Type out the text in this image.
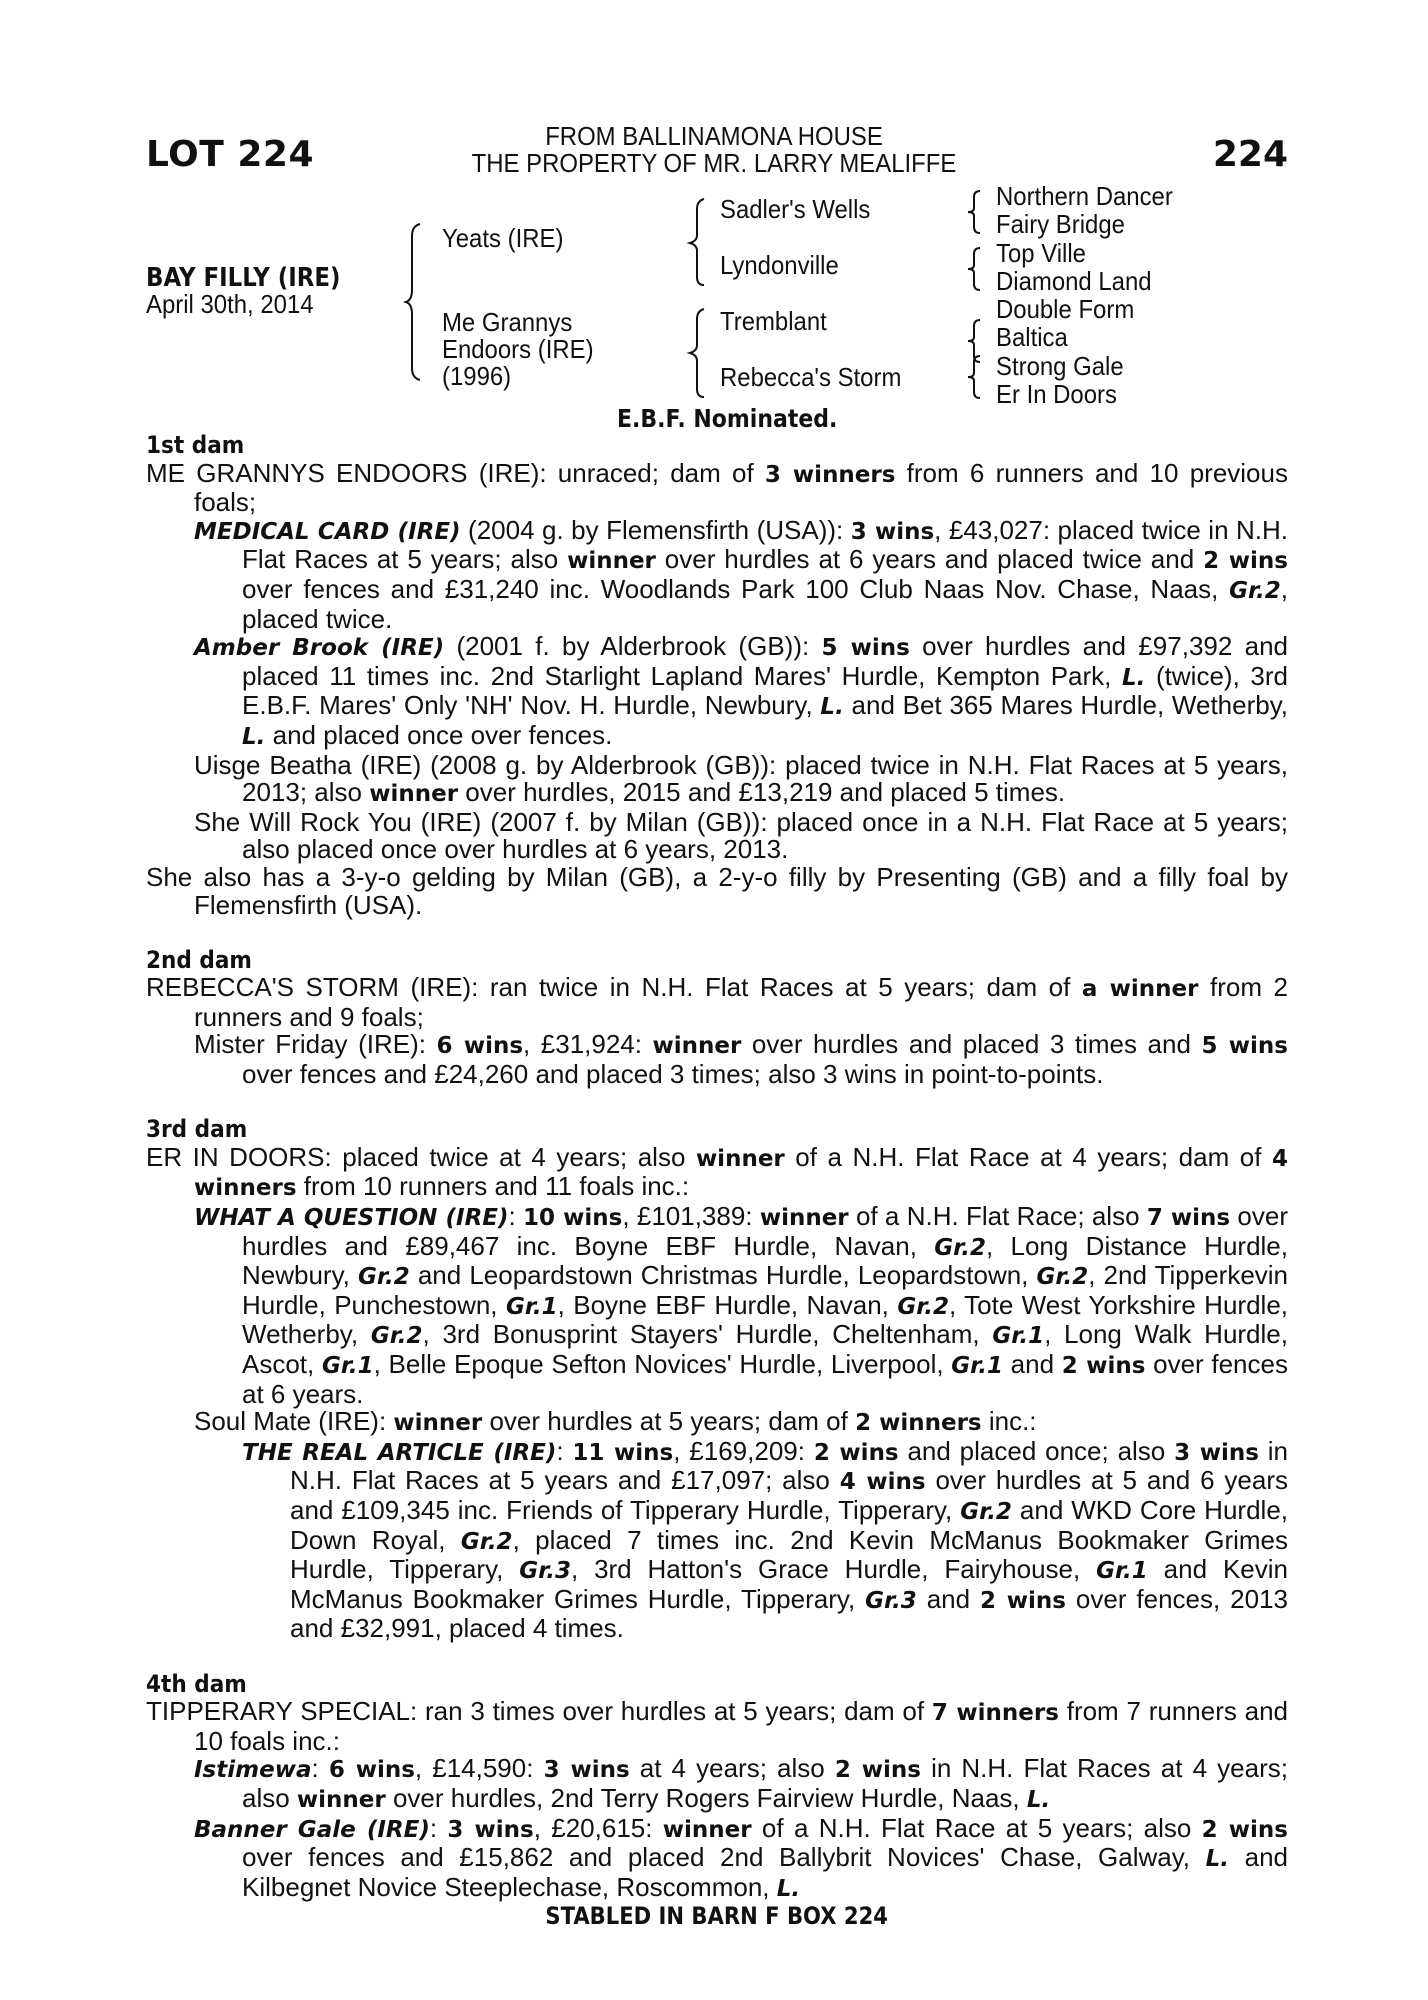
LOT 224	FROM BALLINAMONA HOUSE
THE PROPERTY OF MR. LARRY MEALIFFE	224
BAY FILLY (IRE)
April 30th, 2014
Yeats (IRE)
Me Grannys
Endoors (IRE)
(1996)
Sadler's Wells
Lyndonville
Tremblant
Rebecca's Storm
Northern Dancer
Fairy Bridge
Top Ville
Diamond Land
Double Form
Baltica
Strong Gale
Er In Doors
E.B.F. Nominated.
1st dam
ME GRANNYS ENDOORS (IRE): unraced; dam of 3 winners from 6 runners and 10 previous foals;
MEDICAL CARD (IRE) (2004 g. by Flemensfirth (USA)): 3 wins, £43,027: placed twice in N.H. Flat Races at 5 years; also winner over hurdles at 6 years and placed twice and 2 wins over fences and £31,240 inc. Woodlands Park 100 Club Naas Nov. Chase, Naas, Gr.2, placed twice.
Amber Brook (IRE) (2001 f. by Alderbrook (GB)): 5 wins over hurdles and £97,392 and placed 11 times inc. 2nd Starlight Lapland Mares' Hurdle, Kempton Park, L. (twice), 3rd E.B.F. Mares' Only 'NH' Nov. H. Hurdle, Newbury, L. and Bet 365 Mares Hurdle, Wetherby, L. and placed once over fences.
Uisge Beatha (IRE) (2008 g. by Alderbrook (GB)): placed twice in N.H. Flat Races at 5 years, 2013; also winner over hurdles, 2015 and £13,219 and placed 5 times.
She Will Rock You (IRE) (2007 f. by Milan (GB)): placed once in a N.H. Flat Race at 5 years; also placed once over hurdles at 6 years, 2013.
She also has a 3-y-o gelding by Milan (GB), a 2-y-o filly by Presenting (GB) and a filly foal by Flemensfirth (USA).
2nd dam
REBECCA'S STORM (IRE): ran twice in N.H. Flat Races at 5 years; dam of a winner from 2 runners and 9 foals;
Mister Friday (IRE): 6 wins, £31,924: winner over hurdles and placed 3 times and 5 wins over fences and £24,260 and placed 3 times; also 3 wins in point-to-points.
3rd dam
ER IN DOORS: placed twice at 4 years; also winner of a N.H. Flat Race at 4 years; dam of 4 winners from 10 runners and 11 foals inc.:
WHAT A QUESTION (IRE): 10 wins, £101,389: winner of a N.H. Flat Race; also 7 wins over hurdles and £89,467 inc. Boyne EBF Hurdle, Navan, Gr.2, Long Distance Hurdle, Newbury, Gr.2 and Leopardstown Christmas Hurdle, Leopardstown, Gr.2, 2nd Tipperkevin Hurdle, Punchestown, Gr.1, Boyne EBF Hurdle, Navan, Gr.2, Tote West Yorkshire Hurdle, Wetherby, Gr.2, 3rd Bonusprint Stayers' Hurdle, Cheltenham, Gr.1, Long Walk Hurdle, Ascot, Gr.1, Belle Epoque Sefton Novices' Hurdle, Liverpool, Gr.1 and 2 wins over fences at 6 years.
Soul Mate (IRE): winner over hurdles at 5 years; dam of 2 winners inc.:
THE REAL ARTICLE (IRE): 11 wins, £169,209: 2 wins and placed once; also 3 wins in N.H. Flat Races at 5 years and £17,097; also 4 wins over hurdles at 5 and 6 years and £109,345 inc. Friends of Tipperary Hurdle, Tipperary, Gr.2 and WKD Core Hurdle, Down Royal, Gr.2, placed 7 times inc. 2nd Kevin McManus Bookmaker Grimes Hurdle, Tipperary, Gr.3, 3rd Hatton's Grace Hurdle, Fairyhouse, Gr.1 and Kevin McManus Bookmaker Grimes Hurdle, Tipperary, Gr.3 and 2 wins over fences, 2013 and £32,991, placed 4 times.
4th dam
TIPPERARY SPECIAL: ran 3 times over hurdles at 5 years; dam of 7 winners from 7 runners and 10 foals inc.:
Istimewa: 6 wins, £14,590: 3 wins at 4 years; also 2 wins in N.H. Flat Races at 4 years; also winner over hurdles, 2nd Terry Rogers Fairview Hurdle, Naas, L.
Banner Gale (IRE): 3 wins, £20,615: winner of a N.H. Flat Race at 5 years; also 2 wins over fences and £15,862 and placed 2nd Ballybrit Novices' Chase, Galway, L. and Kilbegnet Novice Steeplechase, Roscommon, L.
STABLED IN BARN F BOX 224
